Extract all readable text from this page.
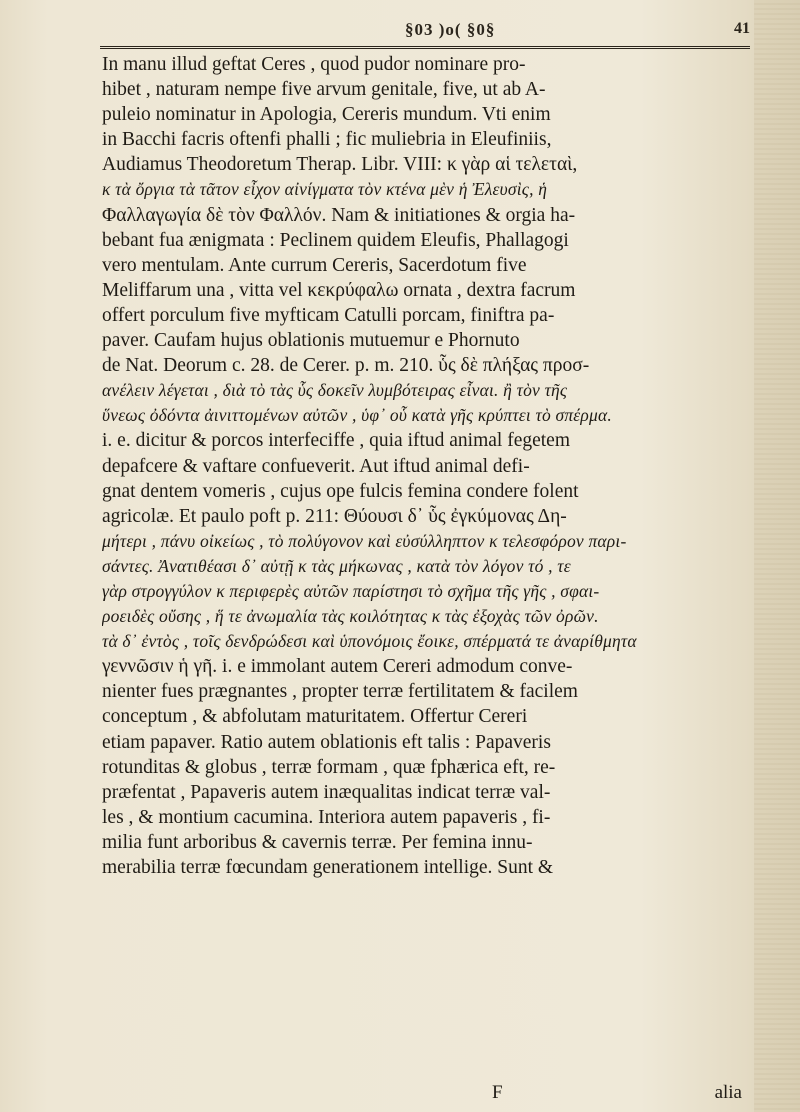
§03 )o( §0§	41
In manu illud geftat Ceres , quod pudor nominare pro-
hibet , naturam nempe five arvum genitale, five, ut ab A-
puleio nominatur in Apologia, Cereris mundum. Vti enim
in Bacchi facris oftenfi phalli ; fic muliebria in Eleufiniis,
Audiamus Theodoretum Therap. Libr. VIII: κ γὰρ αἱ τελεταὶ,
κ τὰ ὄργια τὰ τᾶτον εἶχον αἰνίγματα τὸν κτένα μὲν ἡ Ἐλευσὶς, ἡ
Φαλλαγωγία δὲ τὸν Φαλλόν. Nam & initiationes & orgia ha-
bebant fua ænigmata : Peclinem quidem Eleufis, Phallagogi
vero mentulam. Ante currum Cereris, Sacerdotum five
Meliffarum una , vitta vel κεκρύφαλω ornata , dextra facrum
offert porculum five myfticam Catulli porcam, finiftra pa-
paver. Caufam hujus oblationis mutuemur e Phornuto
de Nat. Deorum c. 28. de Cerer. p. m. 210. ὗς δὲ πλήξας προσ-
ανέλειν λέγεται , διὰ τὸ τὰς ὗς δοκεῖν λυμβότειρας εἶναι. ἢ τὸν τῆς
ὕνεως ὀδόντα ἀινιττομένων αὐτῶν , ὑφ᾽ οὗ κατὰ γῆς κρύπτει τὸ σπέρμα.
i. e. dicitur & porcos interfeciffe , quia iftud animal fegetem
depafcere & vaftare confueverit. Aut iftud animal defi-
gnat dentem vomeris , cujus ope fulcis femina condere folent
agricolæ. Et paulo poft p. 211: Θύουσι δ᾽ ὗς ἐγκύμονας Δη-
μήτερι , πάνυ οἰκείως , τὸ πολύγονον καὶ εὐσύλληπτον κ τελεσφόρον παρι-
σάντες. Ἀνατιθέασι δ᾽ αὐτῇ κ τὰς μήκωνας , κατὰ τὸν λόγον τό , τε
γὰρ στρογγύλον κ περιφερὲς αὐτῶν παρίστησι τὸ σχῆμα τῆς γῆς , σφαι-
ροειδὲς οὔσης , ἥ τε ἀνωμαλία τὰς κοιλότητας κ τὰς ἐξοχὰς τῶν ὀρῶν.
τὰ δ᾽ ἐντὸς , τοῖς δενδρώδεσι καὶ ὑπονόμοις ἔοικε, σπέρματά τε ἀναρίθμητα
γεννῶσιν ἡ γῆ. i. e immolant autem Cereri admodum conve-
nienter fues prægnantes , propter terræ fertilitatem & facilem
conceptum , & abfolutam maturitatem. Offertur Cereri
etiam papaver. Ratio autem oblationis eft talis : Papaveris
rotunditas & globus , terræ formam , quæ fphærica eft, re-
præfentat , Papaveris autem inæqualitas indicat terræ val-
les , & montium cacumina. Interiora autem papaveris , fi-
milia funt arboribus & cavernis terræ. Per femina innu-
merabilia terræ fœcundam generationem intellige. Sunt &
F	alia
